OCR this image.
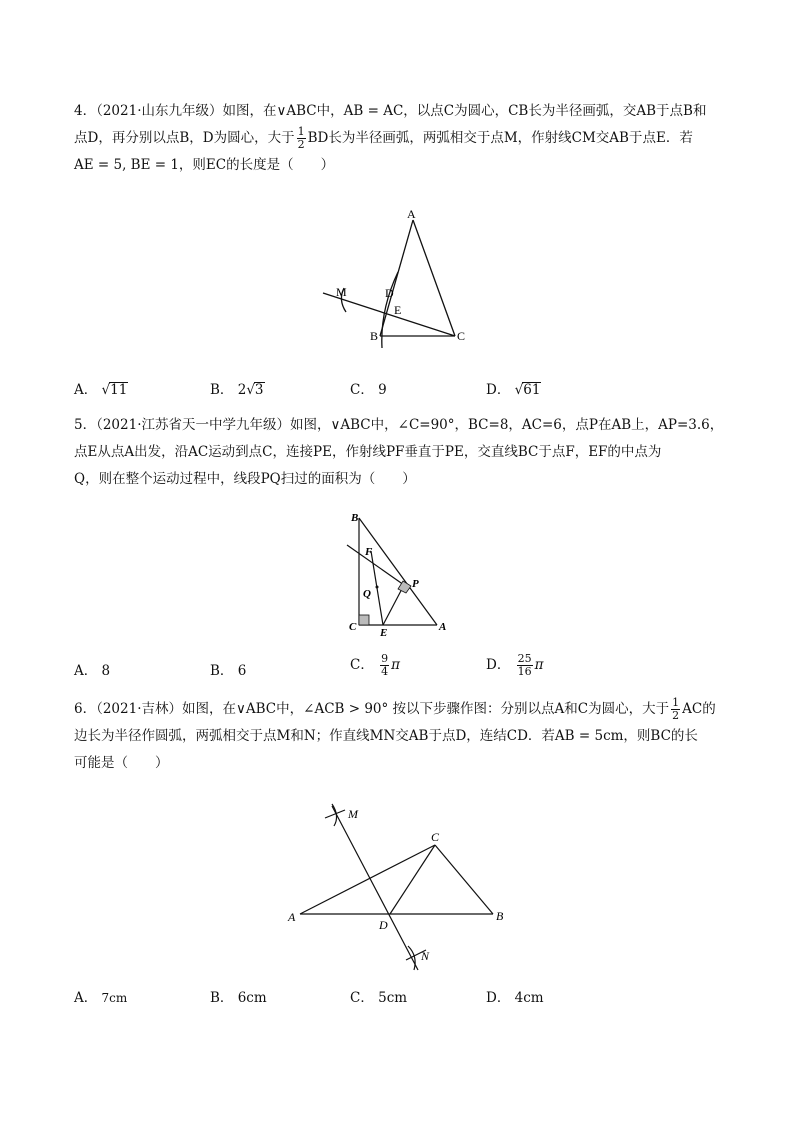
4．（2021·山东九年级）如图，在∨ABC中，AB = AC，以点C为圆心，CB长为半径画弧，交AB于点B和
点D，再分别以点B，D为圆心，大于 $\frac{1}{2}$ BD长为半径画弧，两弧相交于点M，作射线CM交AB于点E．若
AE = 5, BE = 1，则EC的长度是（　　）
A
B	C
D
E
M
A． √11	B． 2√3	C． 9	D． √61
5．（2021·江苏省天一中学九年级）如图，∨ABC中，∠C=90°，BC=8，AC=6，点P在AB上，AP=3.6，
点E从点A出发，沿AC运动到点C，连接PE，作射线PF垂直于PE，交直线BC于点F，EF的中点为
Q，则在整个运动过程中，线段PQ扫过的面积为（　　）
B
C	A
E
F
P
Q
A． 8	B． 6	C． $\frac{9}{4}$ π	D． $\frac{25}{16}$ π
6．（2021·吉林）如图，在∨ABC中，∠ACB > 90° 按以下步骤作图：分别以点A和C为圆心，大于 $\frac{1}{2}$ AC的
边长为半径作圆弧，两弧相交于点M和N；作直线MN交AB于点D，连结CD．若AB = 5cm，则BC的长
可能是（　　）
A	B
C
D
M
N
A． 7cm	B． 6cm	C． 5cm	D． 4cm
